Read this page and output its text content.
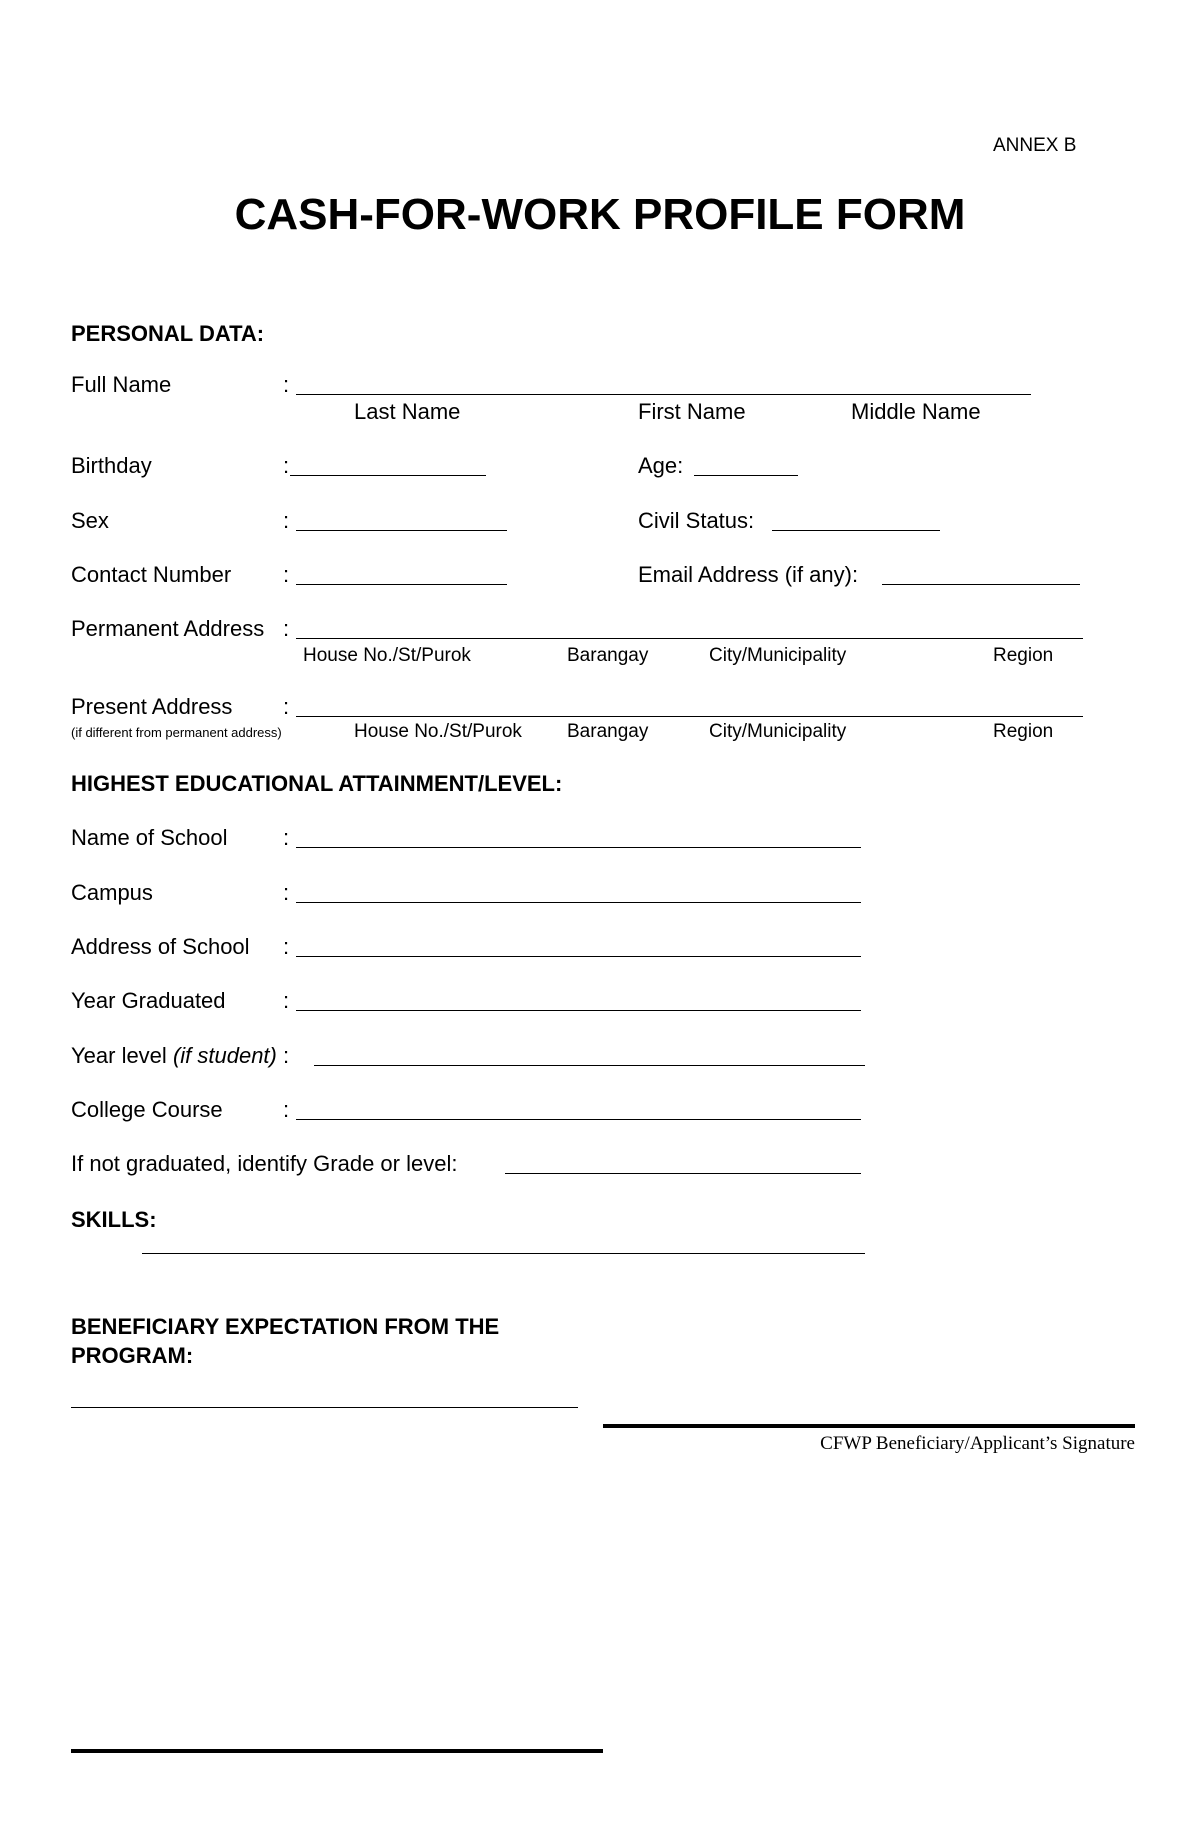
ANNEX B
CASH-FOR-WORK PROFILE FORM
PERSONAL DATA:
Full Name	:
Last Name	First Name	Middle Name
Birthday	:	Age:
Sex	:	Civil Status:
Contact Number :	Email Address (if any):
Permanent Address :
House No./St/Purok	Barangay	City/Municipality	Region
Present Address :
(if different from permanent address)	House No./St/Purok Barangay	City/Municipality	Region
HIGHEST EDUCATIONAL ATTAINMENT/LEVEL:
Name of School	:
Campus	:
Address of School :
Year Graduated	:
Year level (if student) :
College Course	:
If not graduated, identify Grade or level:
SKILLS:
BENEFICIARY EXPECTATION FROM THE
PROGRAM:
CFWP Beneficiary/Applicant’s Signature
